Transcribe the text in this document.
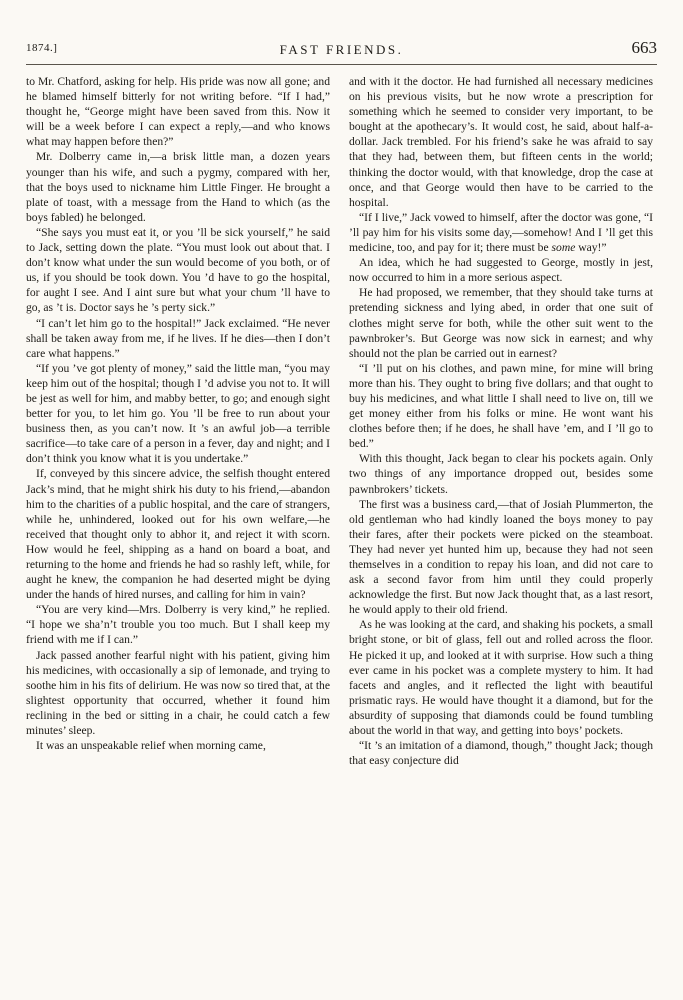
1874.]	FAST FRIENDS.	663

to Mr. Chatford, asking for help. His pride was now all gone; and he blamed himself bitterly for not writing before. “If I had,” thought he, “George might have been saved from this. Now it will be a week before I can expect a reply,—and who knows what may happen before then?”

Mr. Dolberry came in,—a brisk little man, a dozen years younger than his wife, and such a pygmy, compared with her, that the boys used to nickname him Little Finger. He brought a plate of toast, with a message from the Hand to which (as the boys fabled) he belonged.

“She says you must eat it, or you ’ll be sick yourself,” he said to Jack, setting down the plate. “You must look out about that. I don’t know what under the sun would become of you both, or of us, if you should be took down. You ’d have to go the hospital, for aught I see. And I aint sure but what your chum ’ll have to go, as ’t is. Doctor says he ’s perty sick.”

“I can’t let him go to the hospital!” Jack exclaimed. “He never shall be taken away from me, if he lives. If he dies—then I don’t care what happens.”

“If you ’ve got plenty of money,” said the little man, “you may keep him out of the hospital; though I ’d advise you not to. It will be jest as well for him, and mabby better, to go; and enough sight better for you, to let him go. You ’ll be free to run about your business then, as you can’t now. It ’s an awful job—a terrible sacrifice—to take care of a person in a fever, day and night; and I don’t think you know what it is you undertake.”

If, conveyed by this sincere advice, the selfish thought entered Jack’s mind, that he might shirk his duty to his friend,—abandon him to the charities of a public hospital, and the care of strangers, while he, unhindered, looked out for his own welfare,—he received that thought only to abhor it, and reject it with scorn. How would he feel, shipping as a hand on board a boat, and returning to the home and friends he had so rashly left, while, for aught he knew, the companion he had deserted might be dying under the hands of hired nurses, and calling for him in vain?

“You are very kind—Mrs. Dolberry is very kind,” he replied. “I hope we sha’n’t trouble you too much. But I shall keep my friend with me if I can.”

Jack passed another fearful night with his patient, giving him his medicines, with occasionally a sip of lemonade, and trying to soothe him in his fits of delirium. He was now so tired that, at the slightest opportunity that occurred, whether it found him reclining in the bed or sitting in a chair, he could catch a few minutes’ sleep.

It was an unspeakable relief when morning came,

and with it the doctor. He had furnished all necessary medicines on his previous visits, but he now wrote a prescription for something which he seemed to consider very important, to be bought at the apothecary’s. It would cost, he said, about half-a-dollar. Jack trembled. For his friend’s sake he was afraid to say that they had, between them, but fifteen cents in the world; thinking the doctor would, with that knowledge, drop the case at once, and that George would then have to be carried to the hospital.

“If I live,” Jack vowed to himself, after the doctor was gone, “I ’ll pay him for his visits some day,—somehow! And I ’ll get this medicine, too, and pay for it; there must be some way!”

An idea, which he had suggested to George, mostly in jest, now occurred to him in a more serious aspect.

He had proposed, we remember, that they should take turns at pretending sickness and lying abed, in order that one suit of clothes might serve for both, while the other suit went to the pawnbroker’s. But George was now sick in earnest; and why should not the plan be carried out in earnest?

“I ’ll put on his clothes, and pawn mine, for mine will bring more than his. They ought to bring five dollars; and that ought to buy his medicines, and what little I shall need to live on, till we get money either from his folks or mine. He wont want his clothes before then; if he does, he shall have ’em, and I ’ll go to bed.”

With this thought, Jack began to clear his pockets again. Only two things of any importance dropped out, besides some pawnbrokers’ tickets.

The first was a business card,—that of Josiah Plummerton, the old gentleman who had kindly loaned the boys money to pay their fares, after their pockets were picked on the steamboat. They had never yet hunted him up, because they had not seen themselves in a condition to repay his loan, and did not care to ask a second favor from him until they could properly acknowledge the first. But now Jack thought that, as a last resort, he would apply to their old friend.

As he was looking at the card, and shaking his pockets, a small bright stone, or bit of glass, fell out and rolled across the floor. He picked it up, and looked at it with surprise. How such a thing ever came in his pocket was a complete mystery to him. It had facets and angles, and it reflected the light with beautiful prismatic rays. He would have thought it a diamond, but for the absurdity of supposing that diamonds could be found tumbling about the world in that way, and getting into boys’ pockets.

“It ’s an imitation of a diamond, though,” thought Jack; though that easy conjecture did
